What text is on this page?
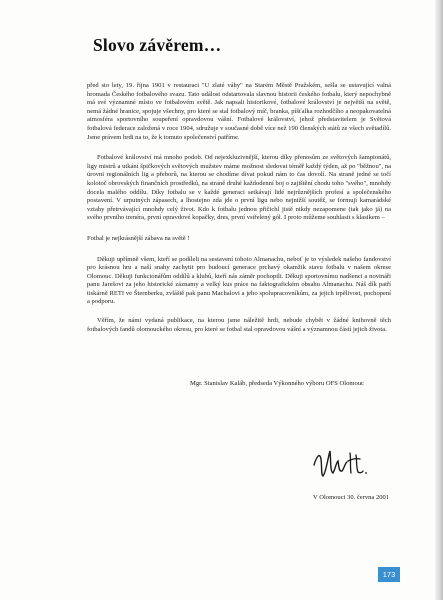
Slovo závěrem…

před sto lety, 19. října 1901 v restauraci "U zlaté váhy" na Starém Městě Pražském, sešla se ustavující valná hromada Českého fotbalového svazu. Tato událost odstartovala slavnou historii českého fotbalu, který nepochybně má své významné místo ve fotbalovém světě. Jak napsali historikové, fotbalové království je největší na světě, nemá žádné hranice, spojuje všechny, pro které se stal fotbalový míč, branka, píšťalka rozhodčího a neopakovatelná atmosféra sportovního soupeření opravdovou vášní. Fotbalové království, jehož představitelem je Světová fotbalová federace založená v roce 1904, sdružuje v současné době více než 190 členských států ze všech světadílů. Jsme právem hrdi na to, že k tomuto společenství patříme.

Fotbalové království má mnoho podob. Od nejexkluzivnější, kterou díky přenosům ze světových šampionátů, ligy mistrů a utkání špičkových světových mužstev máme možnost sledovat téměř každý týden, až po "běžnou", na úrovni regionálních lig a přeborů, na kterou se chodíme dívat pokud nám to čas dovolí. Na straně jedné se točí kolotoč obrovských finančních prostředků, na straně druhé každodenní boj o zajištění chodu toho "svého", mnohdy docela malého oddílu. Díky fotbalu se v každé generaci setkávají lidé nejrůznějších profesí a společenského postavení. V urputných zápasech, a lhostejno zda jde o první ligu nebo nejnižší soutěž, se formují kamarádské vztahy přetrvávající mnohdy celý život. Kdo k fotbalu jednou přičichl jistě nikdy nezapomene (tak jako já) na svého prvního trenéra, první opravdové kopačky, dres, první vstřelený gól. I proto můžeme souhlasit s klasikem –

Fotbal je nejkrásnější zábava na světě !

Děkuji upřímně všem, kteří se podíleli na sestavení tohoto Almanachu, neboť je to výsledek našeho fandovství pro krásnou hru a naší snahy zachytit pro budoucí generace prchavý okamžik stavu fotbalu v našem okrese Olomouc. Děkuji funkcionářům oddílů a klubů, kteří nás záměr pochopili. Děkuji sportovnímu nadšenci a novináři panu Jarešovi za jeho historické záznamy a velký kus práce na faktografickém obsahu Almanachu. Náš dík patří tiskárně RETI ve Šternberku, zvláště pak panu Machalovi a jeho spolupracovníkům, za jejich trpělivost, pochopení a podporu.

Věřím, že námi vydaná publikace, na kterou jsme náležitě hrdi, nebude chybět v žádné knihovně těch fotbalových fandů olomouckého okresu, pro které se fotbal stal opravdovou vášní a významnou částí jejich života.

Mgr. Stanislav Kaláb, předseda Výkonného výboru OFS Olomouc
V Olomouci 30. června 2001
173
